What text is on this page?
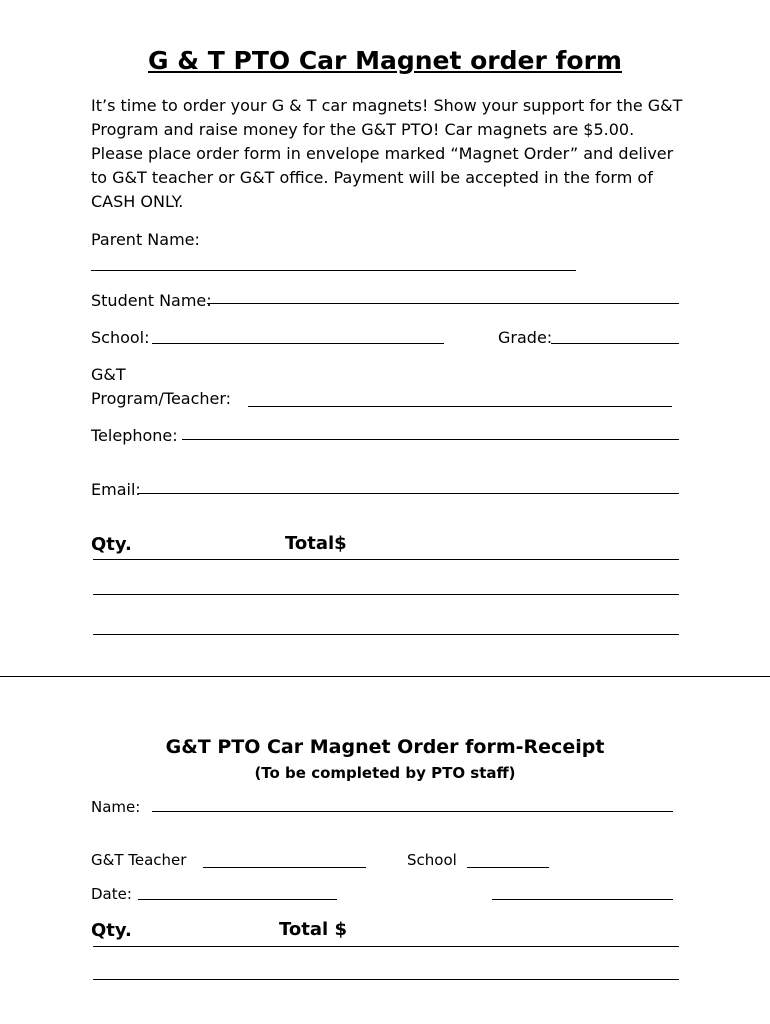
G & T PTO Car Magnet order form
It’s time to order your G & T car magnets! Show your support for the G&T Program and raise money for the G&T PTO! Car magnets are $5.00. Please place order form in envelope marked “Magnet Order” and deliver to G&T teacher or G&T office. Payment will be accepted in the form of CASH ONLY.
Parent Name:
Student Name:
School:	Grade:
G&T
Program/Teacher:
Telephone:
Email:
Qty.	Total$
G&T PTO Car Magnet Order form-Receipt
(To be completed by PTO staff)
Name:
G&T Teacher	School
Date:
Qty.	Total $
